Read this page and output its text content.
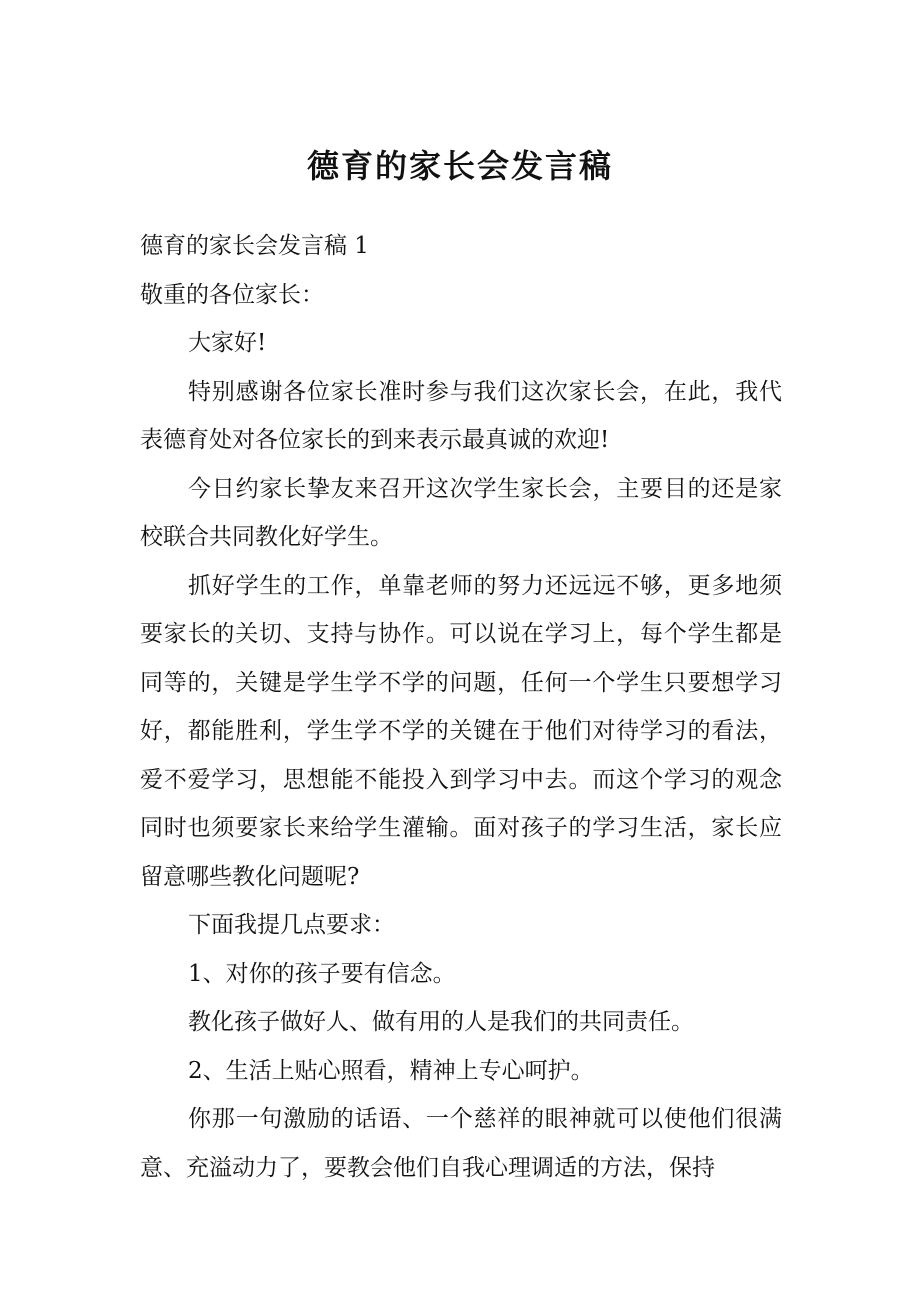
德育的家长会发言稿

德育的家长会发言稿 1

敬重的各位家长：

大家好!

特别感谢各位家长准时参与我们这次家长会，在此，我代表德育处对各位家长的到来表示最真诚的欢迎!

今日约家长挚友来召开这次学生家长会，主要目的还是家校联合共同教化好学生。

抓好学生的工作，单靠老师的努力还远远不够，更多地须要家长的关切、支持与协作。可以说在学习上，每个学生都是同等的，关键是学生学不学的问题，任何一个学生只要想学习好，都能胜利，学生学不学的关键在于他们对待学习的看法，爱不爱学习，思想能不能投入到学习中去。而这个学习的观念同时也须要家长来给学生灌输。面对孩子的学习生活，家长应留意哪些教化问题呢?

下面我提几点要求：

1、对你的孩子要有信念。

教化孩子做好人、做有用的人是我们的共同责任。

2、生活上贴心照看，精神上专心呵护。

你那一句激励的话语、一个慈祥的眼神就可以使他们很满意、充溢动力了，要教会他们自我心理调适的方法，保持
